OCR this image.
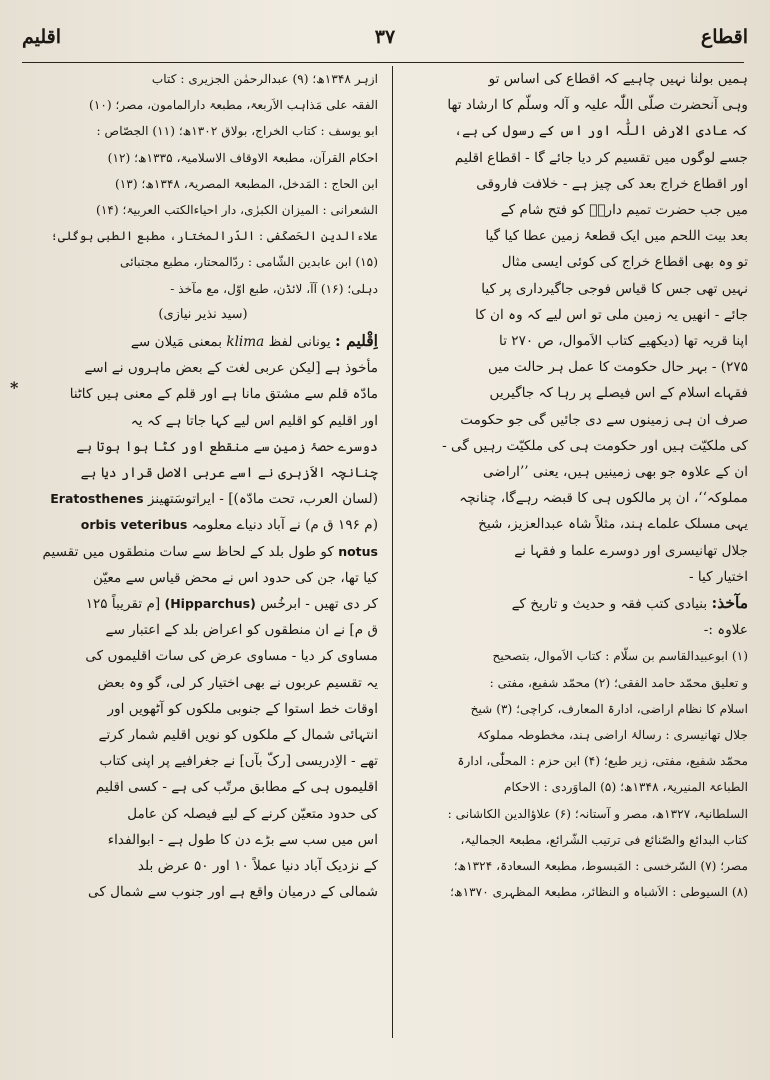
اقطاع
۳۷
اقلیم
ہمیں بولنا نہیں چاہیے کہ اقطاع کی اساس تو
وہی آنحضرت صلّی اللّٰہ علیہ و آلہ وسلّم کا ارشاد تھا
کہ عادی الارض اللّٰہ اور اس کے رسول کی ہے،
جسے لوگوں میں تقسیم کر دیا جائے گا - اقطاع اقلیم
اور اقطاع خراج بعد کی چیز ہے - خلافت فاروقی
میں جب حضرت تمیم داریؓ کو فتح شام کے
بعد بیت اللحم میں ایک قطعۂ زمین عطا کیا گیا
تو وہ بھی اقطاع خراج کی کوئی ایسی مثال
نہیں تھی جس کا قیاس فوجی جاگیرداری پر کیا
جائے - انھیں یہ زمین ملی تو اس لیے کہ وہ ان کا
اپنا قریہ تھا (دیکھیے کتاب الاَموال، ص ۲۷۰ تا
۲۷۵) - بہر حال حکومت کا عمل ہر حالت میں
فقہاے اسلام کے اس فیصلے پر رہا کہ جاگیریں
صرف ان ہی زمینوں سے دی جائیں گی جو حکومت
کی ملکیّت ہیں اور حکومت ہی کی ملکیّت رہیں گی -
ان کے علاوہ جو بھی زمینیں ہیں، یعنی ’’اراضی
مملوکہ‘‘، ان پر مالکوں ہی کا قبضہ رہےگا، چنانچہ
یہی مسلک علماے ہند، مثلاً شاہ عبدالعزیز، شیخ
جلال تھانیسری اور دوسرے علما و فقہا نے
اختیار کیا -
مآخذ: بنیادی کتب فقہ و حدیث و تاریخ کے
علاوہ :-
(۱) ابوعبیدالقاسم بن سلّام : کتاب الاَموال، بتصحیح
و تعلیق محمّد حامد الفقی؛ (۲) محمّد شفیع، مفتی :
اسلام کا نظام اراضی، ادارۃ المعارف، کراچی؛ (۳) شیخ
جلال تھانیسری : رسالۂ اراضی ہند، مخطوطہ مملوکۂ
محمّد شفیع، مفتی، زیر طبع؛ (۴) ابن حزم : المحلّٰی، ادارۃ
الطباعۃ المنیریۃ، ۱۳۴۸ھ؛ (۵) الماوَردی : الاحکام
السلطانیۃ، ۱۳۲۷ھ، مصر و آستانہ؛ (۶) علاؤالدین الکاشانی :
کتاب البدائع والصّنائع فی ترتیب الشّرائع، مطبعۃ الجمالیۃ،
مصر؛ (۷) السّرخسی : المَبسوط، مطبعۃ السعادۃ، ۱۳۲۴ھ؛
(۸) السیوطی : الاَشباہ و النظائر، مطبعۃ المظہری ۱۳۷۰ھ؛
ازہر ۱۳۴۸ھ؛ (۹) عبدالرحمٰن الجزیری : کتاب
الفقہ علی مَذاہب الاَربعۃ، مطبعۃ دارالمامون، مصر؛ (۱۰)
ابو یوسف : کتاب الخراج، بولاق ۱۳۰۲ھ؛ (۱۱) الجصّاص :
احکام القرآن، مطبعۃ الاوقاف الاسلامیۃ، ۱۳۳۵ھ؛ (۱۲)
ابن الحاج : المَدخل، المطبعۃ المصریۃ، ۱۳۴۸ھ؛ (۱۳)
الشعرانی : المیزان الکبرٰی، دار احیاءالکتب العربیۃ؛ (۱۴)
علاءالدین الحَصکَفی : الدّرالمختار، مطبع الطبی ہوگلی؛
(۱۵) ابن عابدین الشّامی : ردّالمحتار، مطبع مجتبائی
دہلی؛ (۱۶) آآ، لائڈن، طبع اوّل، مع مآخذ -
(سید نذیر نیازی)
اِقْلیم : یونانی لفظ klima بمعنی مَیلان سے
مأخوذ ہے [لیکن عربی لغت کے بعض ماہروں نے اسے
مادّہ قلم سے مشتق مانا ہے اور قلم کے معنی ہیں کاٹنا
اور اقلیم کو اقلیم اس لیے کہا جاتا ہے کہ یہ
دوسرے حصۂ زمین سے منقطع اور کٹا ہوا ہوتا ہے
چنانچہ الاَزہری نے اسے عربی الاصل قرار دیا ہے
(لسان العرب، تحت مادّہ)] - ایراتوسَتھینز Eratosthenes
(م ۱۹۶ ق م) نے آباد دنیاے معلومہ orbis veteribus
notus کو طول بلد کے لحاظ سے سات منطقوں میں تقسیم
کیا تھا، جن کی حدود اس نے محض قیاس سے معیّن
کر دی تھیں - ابرخُس (Hipparchus) [م تقریباً ۱۲۵
ق م] نے ان منطقوں کو اعراض بلد کے اعتبار سے
مساوی کر دیا - مساوی عرض کی سات اقلیموں کی
یہ تقسیم عربوں نے بھی اختیار کر لی، گو وہ بعض
اوقات خط استوا کے جنوبی ملکوں کو آٹھویں اور
انتہائی شمال کے ملکوں کو نویں اقلیم شمار کرتے
تھے - الاِدریسی [رکّ بآں] نے جغرافیے پر اپنی کتاب
اقلیموں ہی کے مطابق مرتّب کی ہے - کسی اقلیم
کی حدود متعیّن کرنے کے لیے فیصلہ کن عامل
اس میں سب سے بڑے دن کا طول ہے - ابوالفداء
کے نزدیک آباد دنیا عملاً ۱۰ اور ۵۰ عرض بلد
شمالی کے درمیان واقع ہے اور جنوب سے شمال کی
*
